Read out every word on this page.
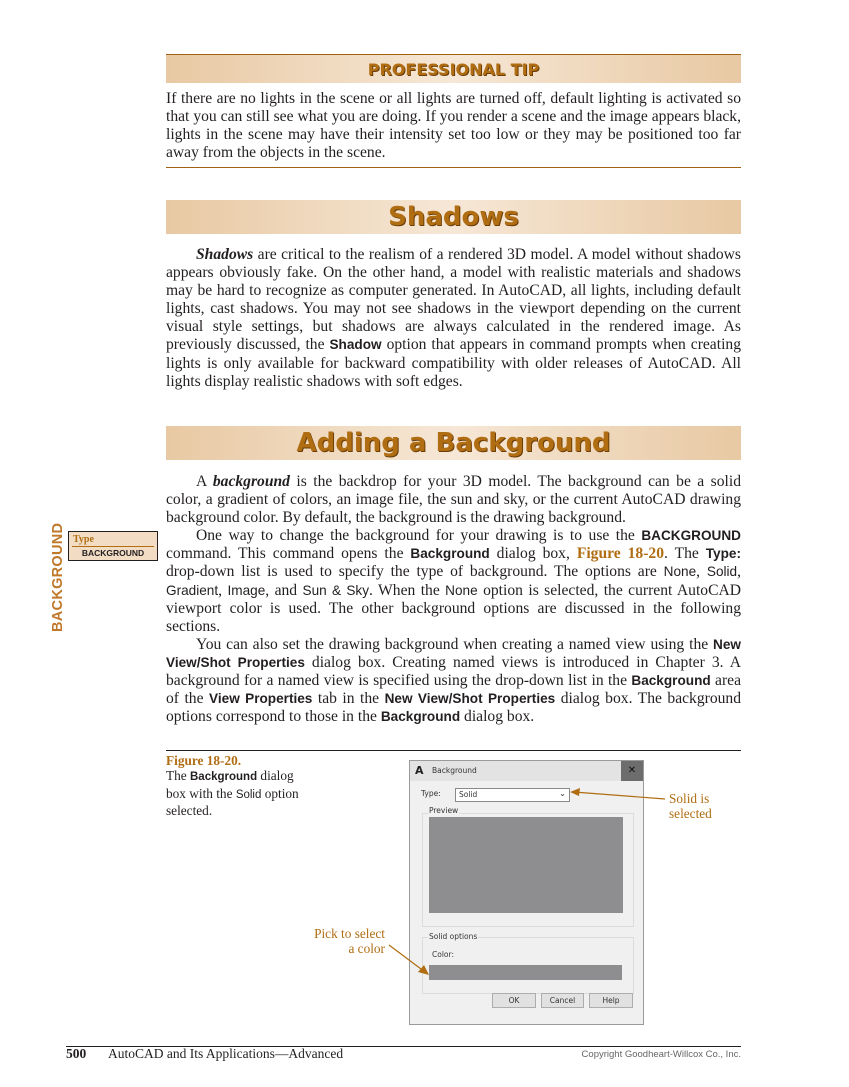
PROFESSIONAL TIP
If there are no lights in the scene or all lights are turned off, default lighting is activated so that you can still see what you are doing. If you render a scene and the image appears black, lights in the scene may have their intensity set too low or they may be positioned too far away from the objects in the scene.
Shadows

Shadows are critical to the realism of a rendered 3D model. A model without shadows appears obviously fake. On the other hand, a model with realistic materials and shadows may be hard to recognize as computer generated. In AutoCAD, all lights, including default lights, cast shadows. You may not see shadows in the viewport depending on the current visual style settings, but shadows are always calculated in the rendered image. As previously discussed, the Shadow option that appears in command prompts when creating lights is only available for backward compatibility with older releases of AutoCAD. All lights display realistic shadows with soft edges.

Adding a Background

A background is the backdrop for your 3D model. The background can be a solid color, a gradient of colors, an image file, the sun and sky, or the current AutoCAD drawing background color. By default, the background is the drawing background.

One way to change the background for your drawing is to use the BACKGROUND command. This command opens the Background dialog box, Figure 18-20. The Type: drop-down list is used to specify the type of background. The options are None, Solid, Gradient, Image, and Sun & Sky. When the None option is selected, the current AutoCAD viewport color is used. The other background options are discussed in the following sections.

You can also set the drawing background when creating a named view using the New View/Shot Properties dialog box. Creating named views is introduced in Chapter 3. A background for a named view is specified using the drop-down list in the Background area of the View Properties tab in the New View/Shot Properties dialog box. The background options correspond to those in the Background dialog box.

BACKGROUND Type
BACKGROUND
Figure 18-20.
The Background dialog box with the Solid option selected.
A Background	✕
Type: Solid	⌄
Preview
Solid options
Color:
OK	Cancel	Help
Solid is
selected
Pick to select
a color
500 AutoCAD and Its Applications—Advanced	Copyright Goodheart-Willcox Co., Inc.
